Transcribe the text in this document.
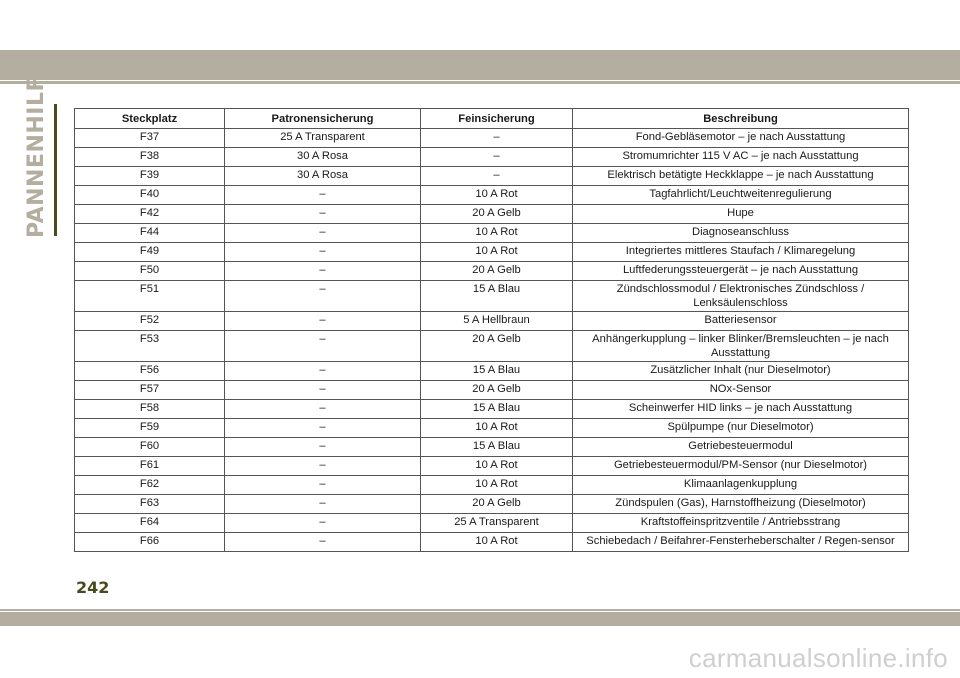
PANNENHILFE	Steckplatz	Patronensicherung	Feinsicherung	Beschreibung
F37	25 A Transparent	–	Fond-Gebläsemotor – je nach Ausstattung
F38	30 A Rosa	–	Stromumrichter 115 V AC – je nach Ausstattung
F39	30 A Rosa	–	Elektrisch betätigte Heckklappe – je nach Ausstattung
F40	–	10 A Rot	Tagfahrlicht/Leuchtweitenregulierung
F42	–	20 A Gelb	Hupe
F44	–	10 A Rot	Diagnoseanschluss
F49	–	10 A Rot	Integriertes mittleres Staufach / Klimaregelung
F50	–	20 A Gelb	Luftfederungssteuergerät – je nach Ausstattung
F51	–	15 A Blau	Zündschlossmodul / Elektronisches Zündschloss / Lenksäulenschloss
F52	–	5 A Hellbraun	Batteriesensor
F53	–	20 A Gelb	Anhängerkupplung – linker Blinker/Bremsleuchten – je nach Ausstattung
F56	–	15 A Blau	Zusätzlicher Inhalt (nur Dieselmotor)
F57	–	20 A Gelb	NOx-Sensor
F58	–	15 A Blau	Scheinwerfer HID links – je nach Ausstattung
F59	–	10 A Rot	Spülpumpe (nur Dieselmotor)
F60	–	15 A Blau	Getriebesteuermodul
F61	–	10 A Rot	Getriebesteuermodul/PM-Sensor (nur Dieselmotor)
F62	–	10 A Rot	Klimaanlagenkupplung
F63	–	20 A Gelb	Zündspulen (Gas), Harnstoffheizung (Dieselmotor)
F64	–	25 A Transparent	Kraftstoffeinspritzventile / Antriebsstrang
F66	–	10 A Rot	Schiebedach / Beifahrer-Fensterheberschalter / Regen-sensor
242
carmanualsonline.info
